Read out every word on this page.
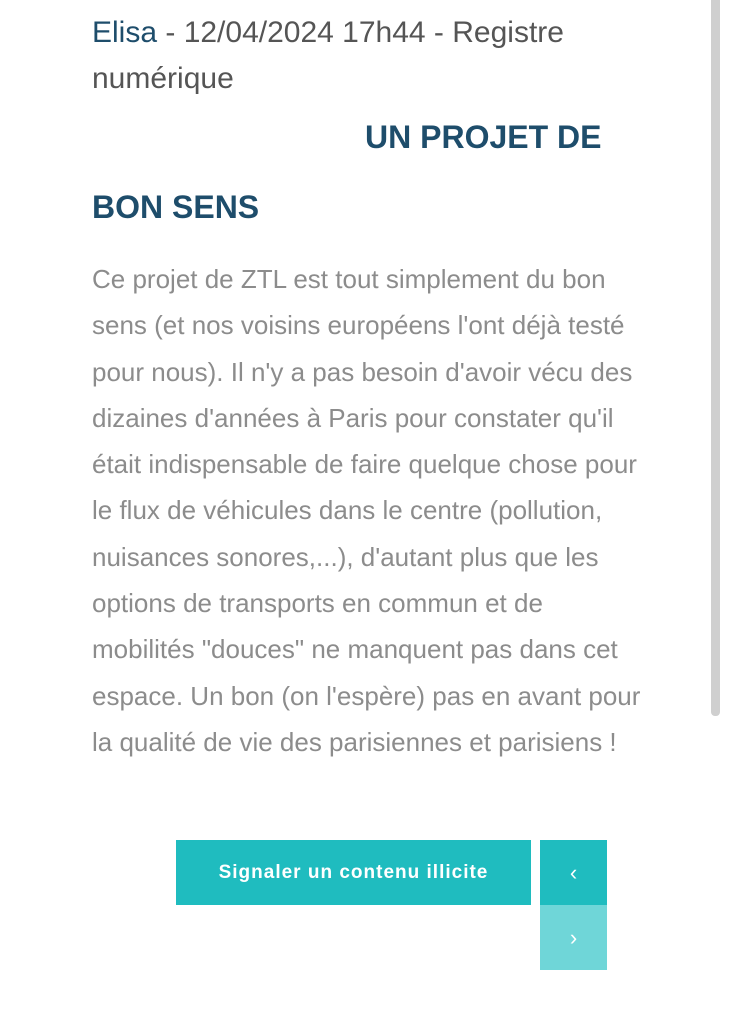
Elisa - 12/04/2024 17h44 - Registre numérique

UN PROJET DE
BON SENS

Ce projet de ZTL est tout simplement du bon sens (et nos voisins européens l'ont déjà testé pour nous). Il n'y a pas besoin d'avoir vécu des dizaines d'années à Paris pour constater qu'il était indispensable de faire quelque chose pour le flux de véhicules dans le centre (pollution, nuisances sonores,...), d'autant plus que les options de transports en commun et de mobilités "douces" ne manquent pas dans cet espace. Un bon (on l'espère) pas en avant pour la qualité de vie des parisiennes et parisiens !

Signaler un contenu illicite	‹
›
